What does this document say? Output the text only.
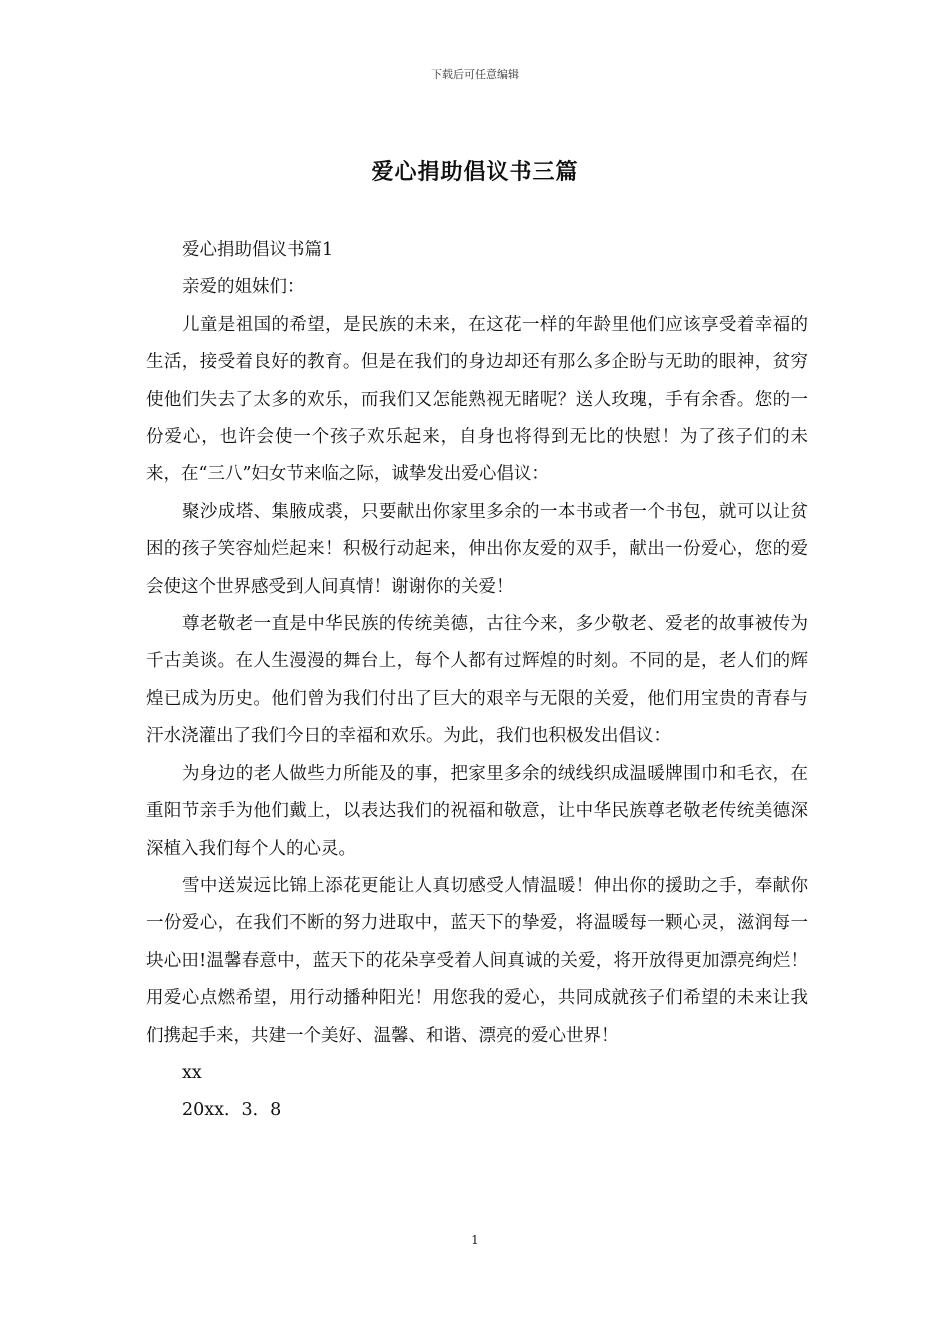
下载后可任意编辑
爱心捐助倡议书三篇

爱心捐助倡议书篇1

亲爱的姐妹们：

儿童是祖国的希望，是民族的未来，在这花一样的年龄里他们应该享受着幸福的生活，接受着良好的教育。但是在我们的身边却还有那么多企盼与无助的眼神，贫穷使他们失去了太多的欢乐，而我们又怎能熟视无睹呢？送人玫瑰，手有余香。您的一份爱心，也许会使一个孩子欢乐起来，自身也将得到无比的快慰！为了孩子们的未来，在“三八”妇女节来临之际，诚挚发出爱心倡议：

聚沙成塔、集腋成裘，只要献出你家里多余的一本书或者一个书包，就可以让贫困的孩子笑容灿烂起来！积极行动起来，伸出你友爱的双手，献出一份爱心，您的爱会使这个世界感受到人间真情！谢谢你的关爱！

尊老敬老一直是中华民族的传统美德，古往今来，多少敬老、爱老的故事被传为千古美谈。在人生漫漫的舞台上，每个人都有过辉煌的时刻。不同的是，老人们的辉煌已成为历史。他们曾为我们付出了巨大的艰辛与无限的关爱，他们用宝贵的青春与汗水浇灌出了我们今日的幸福和欢乐。为此，我们也积极发出倡议：

为身边的老人做些力所能及的事，把家里多余的绒线织成温暖牌围巾和毛衣，在重阳节亲手为他们戴上，以表达我们的祝福和敬意，让中华民族尊老敬老传统美德深深植入我们每个人的心灵。

雪中送炭远比锦上添花更能让人真切感受人情温暖！伸出你的援助之手，奉献你一份爱心，在我们不断的努力进取中，蓝天下的挚爱，将温暖每一颗心灵，滋润每一块心田!温馨春意中，蓝天下的花朵享受着人间真诚的关爱，将开放得更加漂亮绚烂！用爱心点燃希望，用行动播种阳光！用您我的爱心，共同成就孩子们希望的未来让我们携起手来，共建一个美好、温馨、和谐、漂亮的爱心世界！

xx

20xx．3．8

1
